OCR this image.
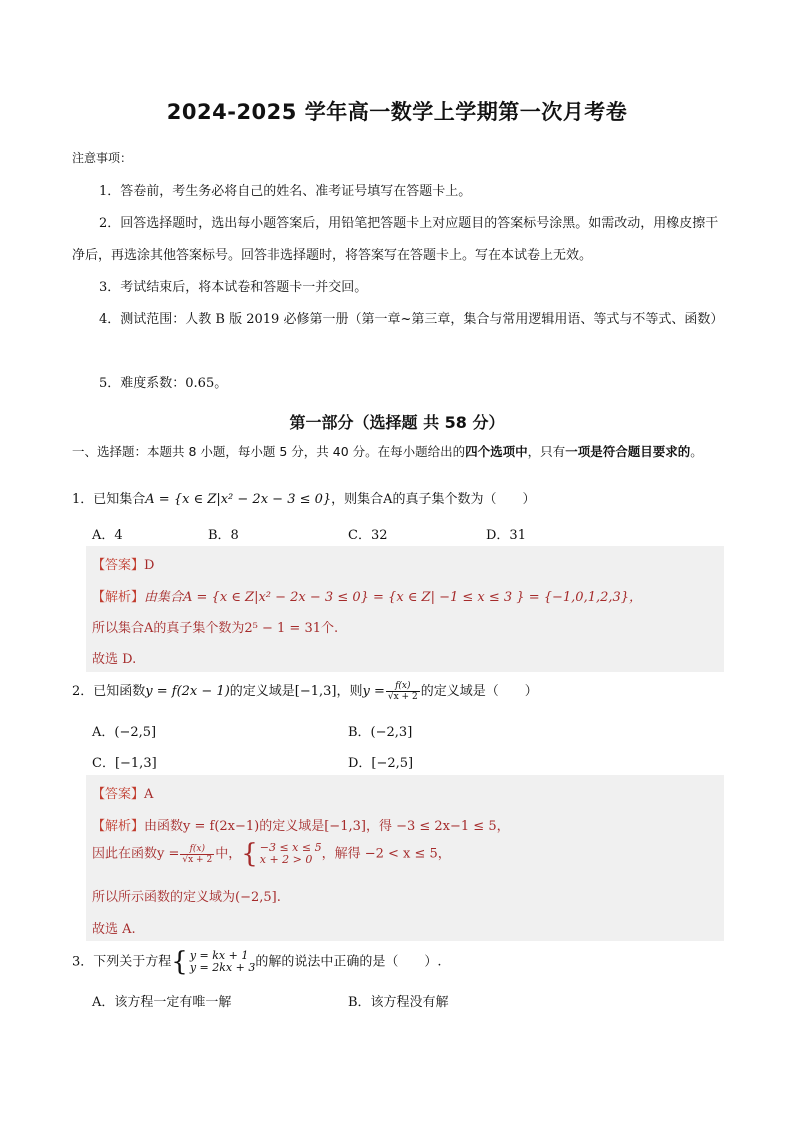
2024-2025 学年高一数学上学期第一次月考卷
注意事项：
1．答卷前，考生务必将自己的姓名、准考证号填写在答题卡上。
2．回答选择题时，选出每小题答案后，用铅笔把答题卡上对应题目的答案标号涂黑。如需改动，用橡皮擦干净后，再选涂其他答案标号。回答非选择题时，将答案写在答题卡上。写在本试卷上无效。
3．考试结束后，将本试卷和答题卡一并交回。
4．测试范围：人教 B 版 2019 必修第一册（第一章~第三章，集合与常用逻辑用语、等式与不等式、函数）
5．难度系数：0.65。
第一部分（选择题 共 58 分）
一、选择题：本题共 8 小题，每小题 5 分，共 40 分。在每小题给出的四个选项中，只有一项是符合题目要求的。
1．已知集合A = {x ∈ Z|x² − 2x − 3 ≤ 0}，则集合A的真子集个数为（　　）
A．4	B．8	C．32	D．31
【答案】D
【解析】由集合A = {x ∈ Z|x² − 2x − 3 ≤ 0} = {x ∈ Z| −1 ≤ x ≤ 3 } = {−1,0,1,2,3}，
所以集合A的真子集个数为2⁵ − 1 = 31个.
故选 D.
2．已知函数y = f(2x − 1)的定义域是[−1,3]，则$y = \frac{f(x)}{√x + 2}$ 的定义域是（　　）
A．(−2,5]	B．(−2,3]
C．[−1,3]	D．[−2,5]
【答案】A
【解析】由函数y = f(2x−1)的定义域是[−1,3]，得 −3 ≤ 2x−1 ≤ 5，
因此在函数$y = \frac{f(x)}{√x + 2}$ 中，{ −3 ≤ x ≤ 5
x + 2 > 0 ，解得 −2 < x ≤ 5，
所以所示函数的定义域为(−2,5].
故选 A.
3．下列关于方程{ y = kx + 1
y = 2kx + 3 的解的说法中正确的是（　　）.
A．该方程一定有唯一解	B．该方程没有解
